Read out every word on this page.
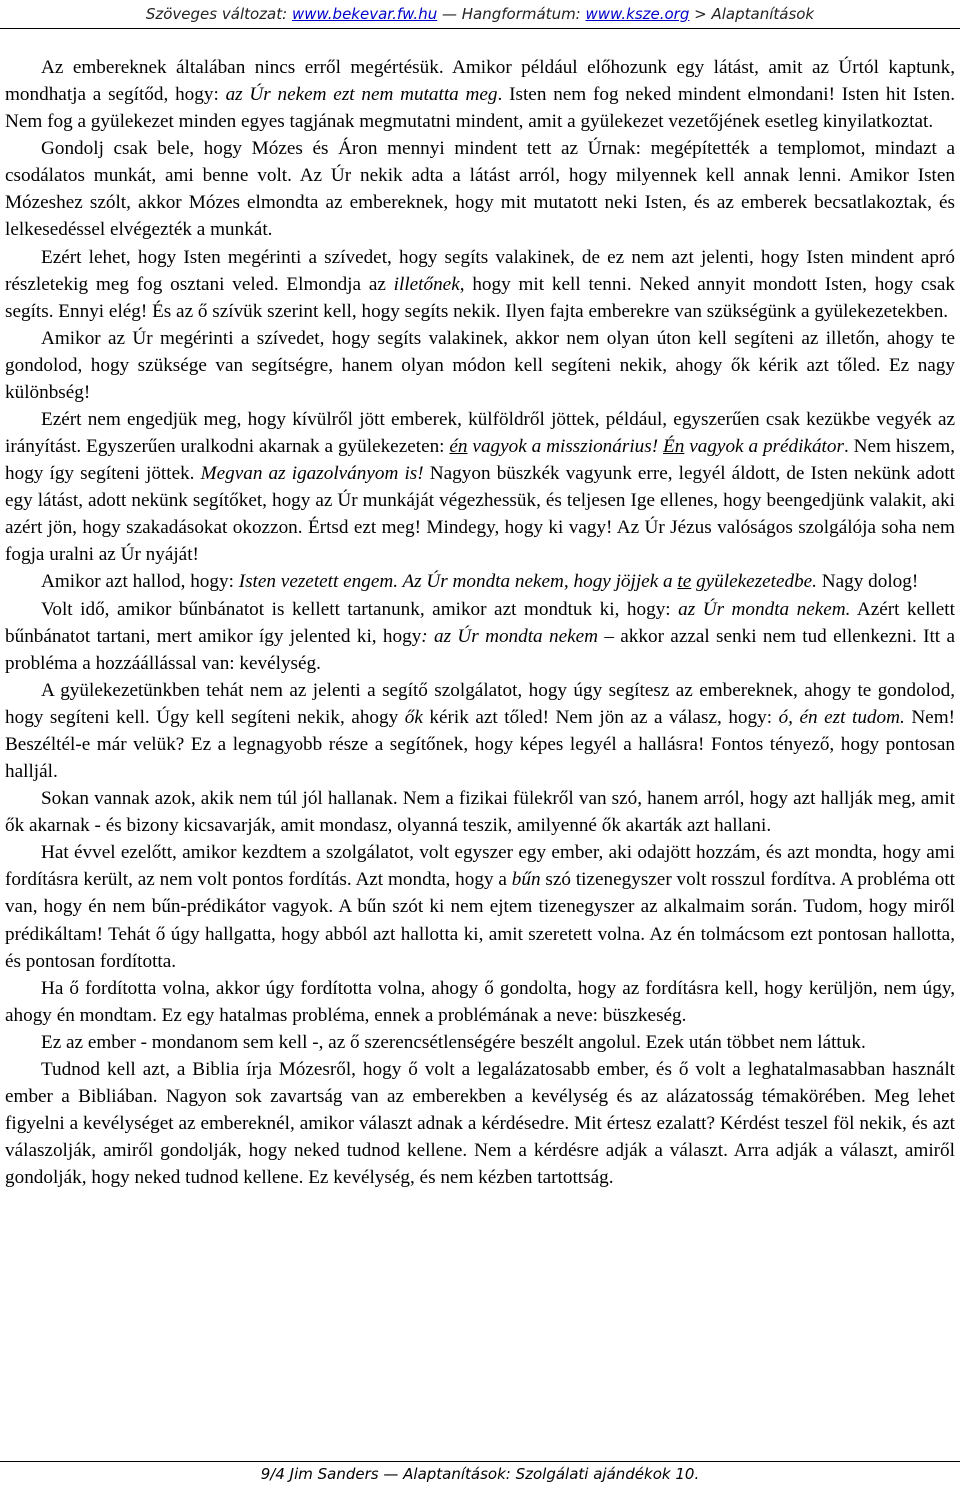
Szöveges változat: www.bekevar.fw.hu — Hangformátum: www.ksze.org > Alaptanítások

Az embereknek általában nincs erről megértésük. Amikor például előhozunk egy látást, amit az Úrtól kaptunk, mondhatja a segítőd, hogy: az Úr nekem ezt nem mutatta meg. Isten nem fog neked mindent elmondani! Isten hit Isten. Nem fog a gyülekezet minden egyes tagjának megmutatni mindent, amit a gyülekezet vezetőjének esetleg kinyilatkoztat.

Gondolj csak bele, hogy Mózes és Áron mennyi mindent tett az Úrnak: megépítették a templomot, mindazt a csodálatos munkát, ami benne volt. Az Úr nekik adta a látást arról, hogy milyennek kell annak lenni. Amikor Isten Mózeshez szólt, akkor Mózes elmondta az embereknek, hogy mit mutatott neki Isten, és az emberek becsatlakoztak, és lelkesedéssel elvégezték a munkát.

Ezért lehet, hogy Isten megérinti a szívedet, hogy segíts valakinek, de ez nem azt jelenti, hogy Isten mindent apró részletekig meg fog osztani veled. Elmondja az illetőnek, hogy mit kell tenni. Neked annyit mondott Isten, hogy csak segíts. Ennyi elég! És az ő szívük szerint kell, hogy segíts nekik. Ilyen fajta emberekre van szükségünk a gyülekezetekben.

Amikor az Úr megérinti a szívedet, hogy segíts valakinek, akkor nem olyan úton kell segíteni az illetőn, ahogy te gondolod, hogy szüksége van segítségre, hanem olyan módon kell segíteni nekik, ahogy ők kérik azt tőled. Ez nagy különbség!

Ezért nem engedjük meg, hogy kívülről jött emberek, külföldről jöttek, például, egyszerűen csak kezükbe vegyék az irányítást. Egyszerűen uralkodni akarnak a gyülekezeten: én vagyok a misszionárius! Én vagyok a prédikátor. Nem hiszem, hogy így segíteni jöttek. Megvan az igazolványom is! Nagyon büszkék vagyunk erre, legyél áldott, de Isten nekünk adott egy látást, adott nekünk segítőket, hogy az Úr munkáját végezhessük, és teljesen Ige ellenes, hogy beengedjünk valakit, aki azért jön, hogy szakadásokat okozzon. Értsd ezt meg! Mindegy, hogy ki vagy! Az Úr Jézus valóságos szolgálója soha nem fogja uralni az Úr nyáját!

Amikor azt hallod, hogy: Isten vezetett engem. Az Úr mondta nekem, hogy jöjjek a te gyülekezetedbe. Nagy dolog!

Volt idő, amikor bűnbánatot is kellett tartanunk, amikor azt mondtuk ki, hogy: az Úr mondta nekem. Azért kellett bűnbánatot tartani, mert amikor így jelented ki, hogy: az Úr mondta nekem – akkor azzal senki nem tud ellenkezni. Itt a probléma a hozzáállással van: kevélység.

A gyülekezetünkben tehát nem az jelenti a segítő szolgálatot, hogy úgy segítesz az embereknek, ahogy te gondolod, hogy segíteni kell. Úgy kell segíteni nekik, ahogy ők kérik azt tőled! Nem jön az a válasz, hogy: ó, én ezt tudom. Nem! Beszéltél-e már velük? Ez a legnagyobb része a segítőnek, hogy képes legyél a hallásra! Fontos tényező, hogy pontosan halljál.

Sokan vannak azok, akik nem túl jól hallanak. Nem a fizikai fülekről van szó, hanem arról, hogy azt hallják meg, amit ők akarnak - és bizony kicsavarják, amit mondasz, olyanná teszik, amilyenné ők akarták azt hallani.

Hat évvel ezelőtt, amikor kezdtem a szolgálatot, volt egyszer egy ember, aki odajött hozzám, és azt mondta, hogy ami fordításra került, az nem volt pontos fordítás. Azt mondta, hogy a bűn szó tizenegyszer volt rosszul fordítva. A probléma ott van, hogy én nem bűn-prédikátor vagyok. A bűn szót ki nem ejtem tizenegyszer az alkalmaim során. Tudom, hogy miről prédikáltam! Tehát ő úgy hallgatta, hogy abból azt hallotta ki, amit szeretett volna. Az én tolmácsom ezt pontosan hallotta, és pontosan fordította.

Ha ő fordította volna, akkor úgy fordította volna, ahogy ő gondolta, hogy az fordításra kell, hogy kerüljön, nem úgy, ahogy én mondtam. Ez egy hatalmas probléma, ennek a problémának a neve: büszkeség.

Ez az ember - mondanom sem kell -, az ő szerencsétlenségére beszélt angolul. Ezek után többet nem láttuk.

Tudnod kell azt, a Biblia írja Mózesről, hogy ő volt a legalázatosabb ember, és ő volt a leghatalmasabban használt ember a Bibliában. Nagyon sok zavartság van az emberekben a kevélység és az alázatosság témakörében. Meg lehet figyelni a kevélységet az embereknél, amikor választ adnak a kérdésedre. Mit értesz ezalatt? Kérdést teszel föl nekik, és azt válaszolják, amiről gondolják, hogy neked tudnod kellene. Nem a kérdésre adják a választ. Arra adják a választ, amiről gondolják, hogy neked tudnod kellene. Ez kevélység, és nem kézben tartottság.

9/4 Jim Sanders — Alaptanítások: Szolgálati ajándékok 10.
